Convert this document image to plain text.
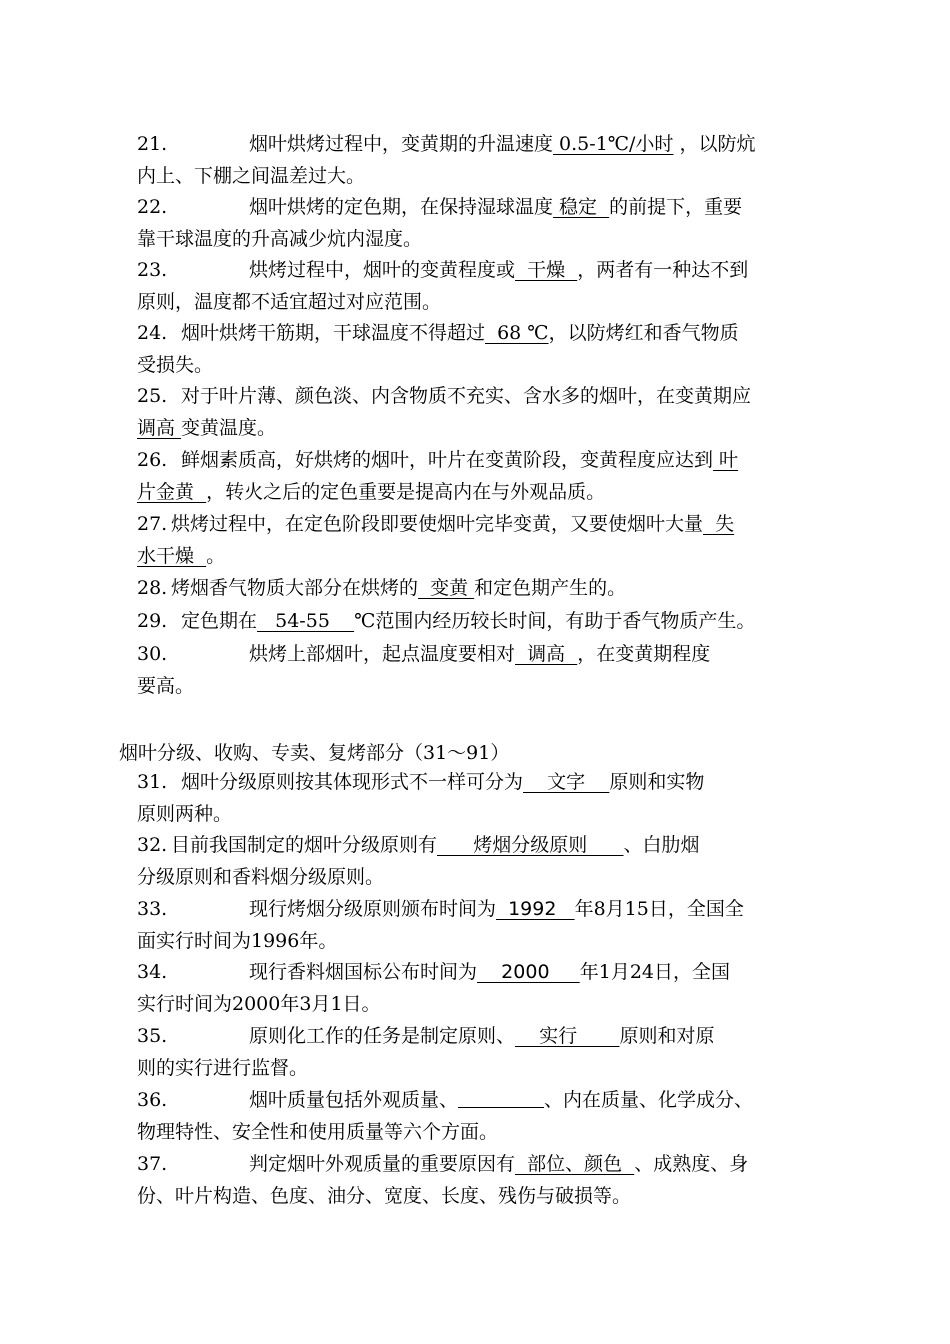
21.	烟叶烘烤过程中，变黄期的升温速度 0.5-1℃/小时 ，以防炕
内上、下棚之间温差过大。
22.	烟叶烘烤的定色期，在保持湿球温度 稳定  的前提下，重要
靠干球温度的升高减少炕内湿度。
23.	烘烤过程中，烟叶的变黄程度或  干燥  ，两者有一种达不到
原则，温度都不适宜超过对应范围。
24. 烟叶烘烤干筋期，干球温度不得超过  68 ℃，以防烤红和香气物质
受损失。
25. 对于叶片薄、颜色淡、内含物质不充实、含水多的烟叶，在变黄期应
调高 变黄温度。
26. 鲜烟素质高，好烘烤的烟叶，叶片在变黄阶段，变黄程度应达到 叶
片金黄  ，转火之后的定色重要是提高内在与外观品质。
27. 烘烤过程中，在定色阶段即要使烟叶完毕变黄，又要使烟叶大量  失
水干燥  。
28. 烤烟香气物质大部分在烘烤的  变黄 和定色期产生的。
29. 定色期在   54-55    ℃范围内经历较长时间，有助于香气物质产生。
30.	烘烤上部烟叶，起点温度要相对  调高  ，在变黄期程度
要高。
烟叶分级、收购、专卖、复烤部分（31～91）
31. 烟叶分级原则按其体现形式不一样可分为    文字    原则和实物
原则两种。
32. 目前我国制定的烟叶分级原则有      烤烟分级原则      、白肋烟
分级原则和香料烟分级原则。
33.	现行烤烟分级原则颁布时间为  1992   年8月15日，全国全
面实行时间为1996年。
34.	现行香料烟国标公布时间为    2000     年1月24日，全国
实行时间为2000年3月1日。
35.	原则化工作的任务是制定原则、    实行       原则和对原
则的实行进行监督。
36.	烟叶质量包括外观质量、	、内在质量、化学成分、
物理特性、安全性和使用质量等六个方面。
37.	判定烟叶外观质量的重要原因有  部位、颜色  、成熟度、身
份、叶片构造、色度、油分、宽度、长度、残伤与破损等。
